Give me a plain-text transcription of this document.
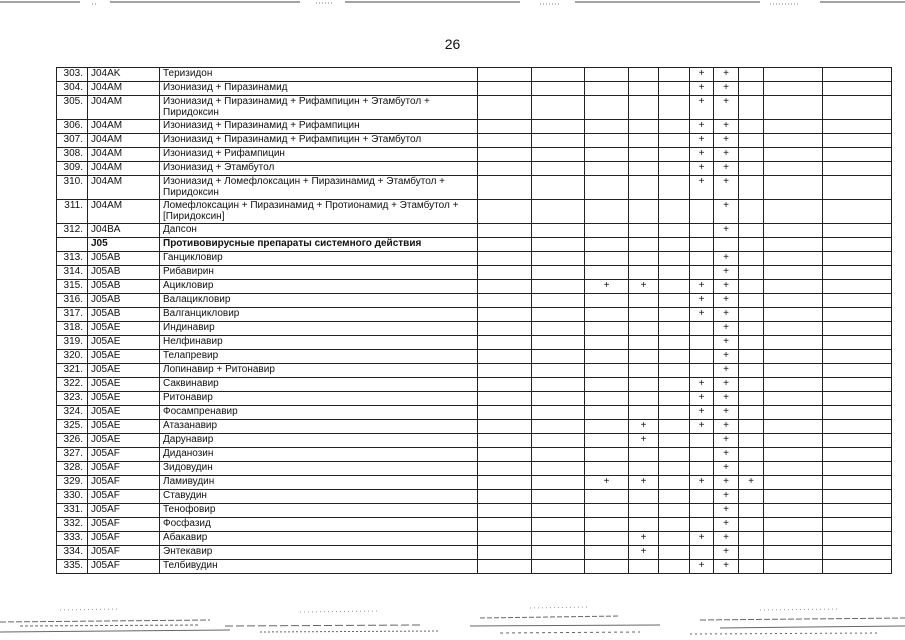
26
303.	J04AK	Теризидон						+	+			
304.	J04AM	Изониазид + Пиразинамид						+	+			
305.	J04AM	Изониазид + Пиразинамид + Рифампицин + Этамбутол + Пиридоксин						+	+			
306.	J04AM	Изониазид + Пиразинамид + Рифампицин						+	+			
307.	J04AM	Изониазид + Пиразинамид + Рифампицин + Этамбутол						+	+			
308.	J04AM	Изониазид + Рифампицин						+	+			
309.	J04AM	Изониазид + Этамбутол						+	+			
310.	J04AM	Изониазид + Ломефлоксацин + Пиразинамид + Этамбутол + Пиридоксин						+	+			
311.	J04AM	Ломефлоксацин + Пиразинамид + Протионамид + Этамбутол + [Пиридоксин]							+			
312.	J04BA	Дапсон							+			
	J05	Противовирусные препараты системного действия										
313.	J05AB	Ганцикловир							+			
314.	J05AB	Рибавирин							+			
315.	J05AB	Ацикловир			+	+		+	+			
316.	J05AB	Валацикловир						+	+			
317.	J05AB	Валганцикловир						+	+			
318.	J05AE	Индинавир							+			
319.	J05AE	Нелфинавир							+			
320.	J05AE	Телапревир							+			
321.	J05AE	Лопинавир + Ритонавир							+			
322.	J05AE	Саквинавир						+	+			
323.	J05AE	Ритонавир						+	+			
324.	J05AE	Фосампренавир						+	+			
325.	J05AE	Атазанавир				+		+	+			
326.	J05AE	Дарунавир				+			+			
327.	J05AF	Диданозин							+			
328.	J05AF	Зидовудин							+			
329.	J05AF	Ламивудин			+	+		+	+	+		
330.	J05AF	Ставудин							+			
331.	J05AF	Тенофовир							+			
332.	J05AF	Фосфазид							+			
333.	J05AF	Абакавир				+		+	+			
334.	J05AF	Энтекавир				+			+			
335.	J05AF	Телбивудин						+	+			
